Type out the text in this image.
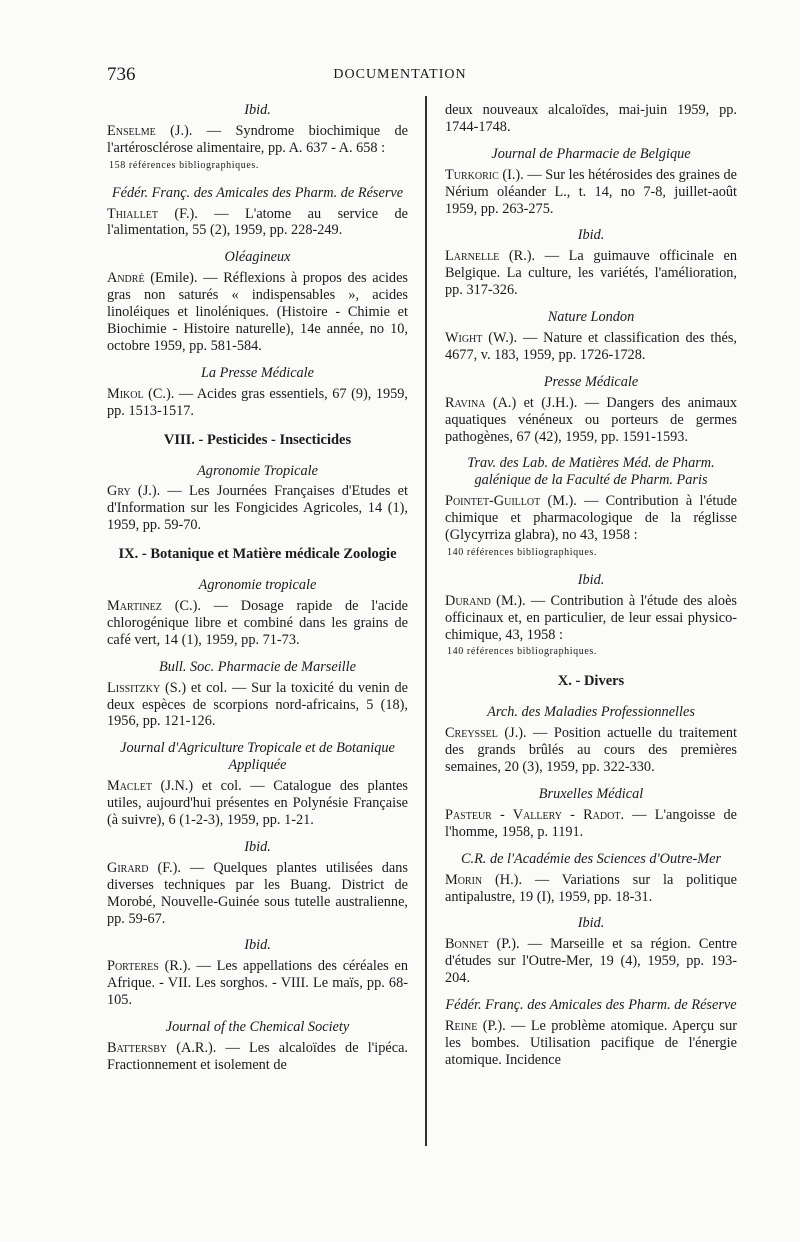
736	DOCUMENTATION
Ibid.
Enselme (J.). — Syndrome biochimique de l'artérosclérose alimentaire, pp. A. 637 - A. 658 :
158 références bibliographiques.
Fédér. Franç. des Amicales des Pharm. de Réserve
Thiallet (F.). — L'atome au service de l'alimentation, 55 (2), 1959, pp. 228-249.
Oléagineux
André (Emile). — Réflexions à propos des acides gras non saturés « indispensables », acides linoléiques et linoléniques. (Histoire - Chimie et Biochimie - Histoire naturelle), 14e année, no 10, octobre 1959, pp. 581-584.
La Presse Médicale
Mikol (C.). — Acides gras essentiels, 67 (9), 1959, pp. 1513-1517.
VIII. - Pesticides - Insecticides
Agronomie Tropicale
Gry (J.). — Les Journées Françaises d'Etudes et d'Information sur les Fongicides Agricoles, 14 (1), 1959, pp. 59-70.
IX. - Botanique et Matière médicale Zoologie
Agronomie tropicale
Martinez (C.). — Dosage rapide de l'acide chlorogénique libre et combiné dans les grains de café vert, 14 (1), 1959, pp. 71-73.
Bull. Soc. Pharmacie de Marseille
Lissitzky (S.) et col. — Sur la toxicité du venin de deux espèces de scorpions nord-africains, 5 (18), 1956, pp. 121-126.
Journal d'Agriculture Tropicale et de Botanique Appliquée
Maclet (J.N.) et col. — Catalogue des plantes utiles, aujourd'hui présentes en Polynésie Française (à suivre), 6 (1-2-3), 1959, pp. 1-21.
Ibid.
Girard (F.). — Quelques plantes utilisées dans diverses techniques par les Buang. District de Morobé, Nouvelle-Guinée sous tutelle australienne, pp. 59-67.
Ibid.
Porteres (R.). — Les appellations des céréales en Afrique. - VII. Les sorghos. - VIII. Le maïs, pp. 68-105.
Journal of the Chemical Society
Battersby (A.R.). — Les alcaloïdes de l'ipéca. Fractionnement et isolement de
deux nouveaux alcaloïdes, mai-juin 1959, pp. 1744-1748.
Journal de Pharmacie de Belgique
Turkoric (I.). — Sur les hétérosides des graines de Nérium oléander L., t. 14, no 7-8, juillet-août 1959, pp. 263-275.
Ibid.
Larnelle (R.). — La guimauve officinale en Belgique. La culture, les variétés, l'amélioration, pp. 317-326.
Nature London
Wight (W.). — Nature et classification des thés, 4677, v. 183, 1959, pp. 1726-1728.
Presse Médicale
Ravina (A.) et (J.H.). — Dangers des animaux aquatiques vénéneux ou porteurs de germes pathogènes, 67 (42), 1959, pp. 1591-1593.
Trav. des Lab. de Matières Méd. de Pharm. galénique de la Faculté de Pharm. Paris
Pointet-Guillot (M.). — Contribution à l'étude chimique et pharmacologique de la réglisse (Glycyrriza glabra), no 43, 1958 :
140 références bibliographiques.
Ibid.
Durand (M.). — Contribution à l'étude des aloès officinaux et, en particulier, de leur essai physico-chimique, 43, 1958 :
140 références bibliographiques.
X. - Divers
Arch. des Maladies Professionnelles
Creyssel (J.). — Position actuelle du traitement des grands brûlés au cours des premières semaines, 20 (3), 1959, pp. 322-330.
Bruxelles Médical
Pasteur - Vallery - Radot. — L'angoisse de l'homme, 1958, p. 1191.
C.R. de l'Académie des Sciences d'Outre-Mer
Morin (H.). — Variations sur la politique antipalustre, 19 (I), 1959, pp. 18-31.
Ibid.
Bonnet (P.). — Marseille et sa région. Centre d'études sur l'Outre-Mer, 19 (4), 1959, pp. 193-204.
Fédér. Franç. des Amicales des Pharm. de Réserve
Reine (P.). — Le problème atomique. Aperçu sur les bombes. Utilisation pacifique de l'énergie atomique. Incidence
